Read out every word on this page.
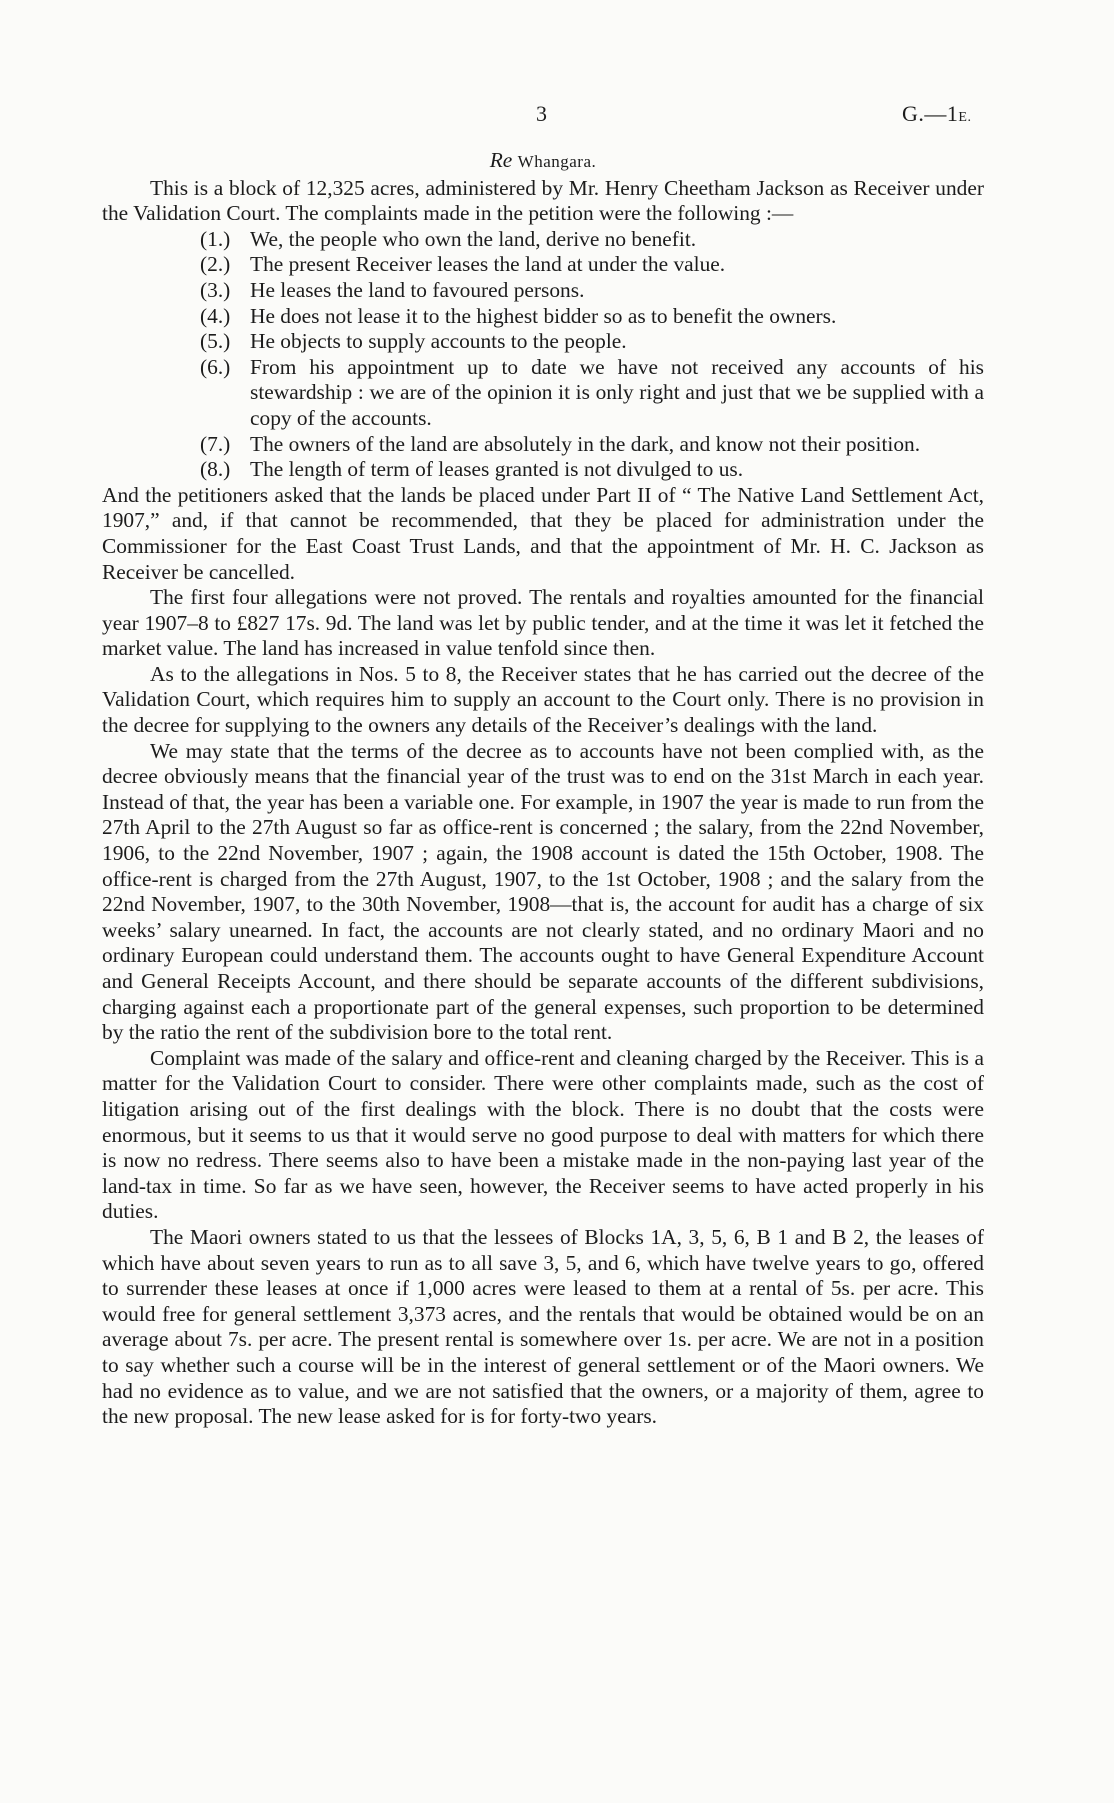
3	G.—1E.
Re Whangara.

This is a block of 12,325 acres, administered by Mr. Henry Cheetham Jackson as Receiver under the Validation Court. The complaints made in the petition were the following :—

(1.) We, the people who own the land, derive no benefit.
(2.) The present Receiver leases the land at under the value.
(3.) He leases the land to favoured persons.
(4.) He does not lease it to the highest bidder so as to benefit the owners.
(5.) He objects to supply accounts to the people.
(6.) From his appointment up to date we have not received any accounts of his stewardship : we are of the opinion it is only right and just that we be supplied with a copy of the accounts.
(7.) The owners of the land are absolutely in the dark, and know not their position.
(8.) The length of term of leases granted is not divulged to us.

And the petitioners asked that the lands be placed under Part II of “ The Native Land Settlement Act, 1907,” and, if that cannot be recommended, that they be placed for administration under the Commissioner for the East Coast Trust Lands, and that the appointment of Mr. H. C. Jackson as Receiver be cancelled.

The first four allegations were not proved. The rentals and royalties amounted for the financial year 1907–8 to £827 17s. 9d. The land was let by public tender, and at the time it was let it fetched the market value. The land has increased in value tenfold since then.

As to the allegations in Nos. 5 to 8, the Receiver states that he has carried out the decree of the Validation Court, which requires him to supply an account to the Court only. There is no provision in the decree for supplying to the owners any details of the Receiver’s dealings with the land.

We may state that the terms of the decree as to accounts have not been complied with, as the decree obviously means that the financial year of the trust was to end on the 31st March in each year. Instead of that, the year has been a variable one. For example, in 1907 the year is made to run from the 27th April to the 27th August so far as office-rent is concerned ; the salary, from the 22nd November, 1906, to the 22nd November, 1907 ; again, the 1908 account is dated the 15th October, 1908. The office-rent is charged from the 27th August, 1907, to the 1st October, 1908 ; and the salary from the 22nd November, 1907, to the 30th November, 1908—that is, the account for audit has a charge of six weeks’ salary unearned. In fact, the accounts are not clearly stated, and no ordinary Maori and no ordinary European could understand them. The accounts ought to have General Expenditure Account and General Receipts Account, and there should be separate accounts of the different subdivisions, charging against each a proportionate part of the general expenses, such proportion to be determined by the ratio the rent of the subdivision bore to the total rent.

Complaint was made of the salary and office-rent and cleaning charged by the Receiver. This is a matter for the Validation Court to consider. There were other complaints made, such as the cost of litigation arising out of the first dealings with the block. There is no doubt that the costs were enormous, but it seems to us that it would serve no good purpose to deal with matters for which there is now no redress. There seems also to have been a mistake made in the non-paying last year of the land-tax in time. So far as we have seen, however, the Receiver seems to have acted properly in his duties.

The Maori owners stated to us that the lessees of Blocks 1A, 3, 5, 6, B 1 and B 2, the leases of which have about seven years to run as to all save 3, 5, and 6, which have twelve years to go, offered to surrender these leases at once if 1,000 acres were leased to them at a rental of 5s. per acre. This would free for general settlement 3,373 acres, and the rentals that would be obtained would be on an average about 7s. per acre. The present rental is somewhere over 1s. per acre. We are not in a position to say whether such a course will be in the interest of general settlement or of the Maori owners. We had no evidence as to value, and we are not satisfied that the owners, or a majority of them, agree to the new proposal. The new lease asked for is for forty-two years.
